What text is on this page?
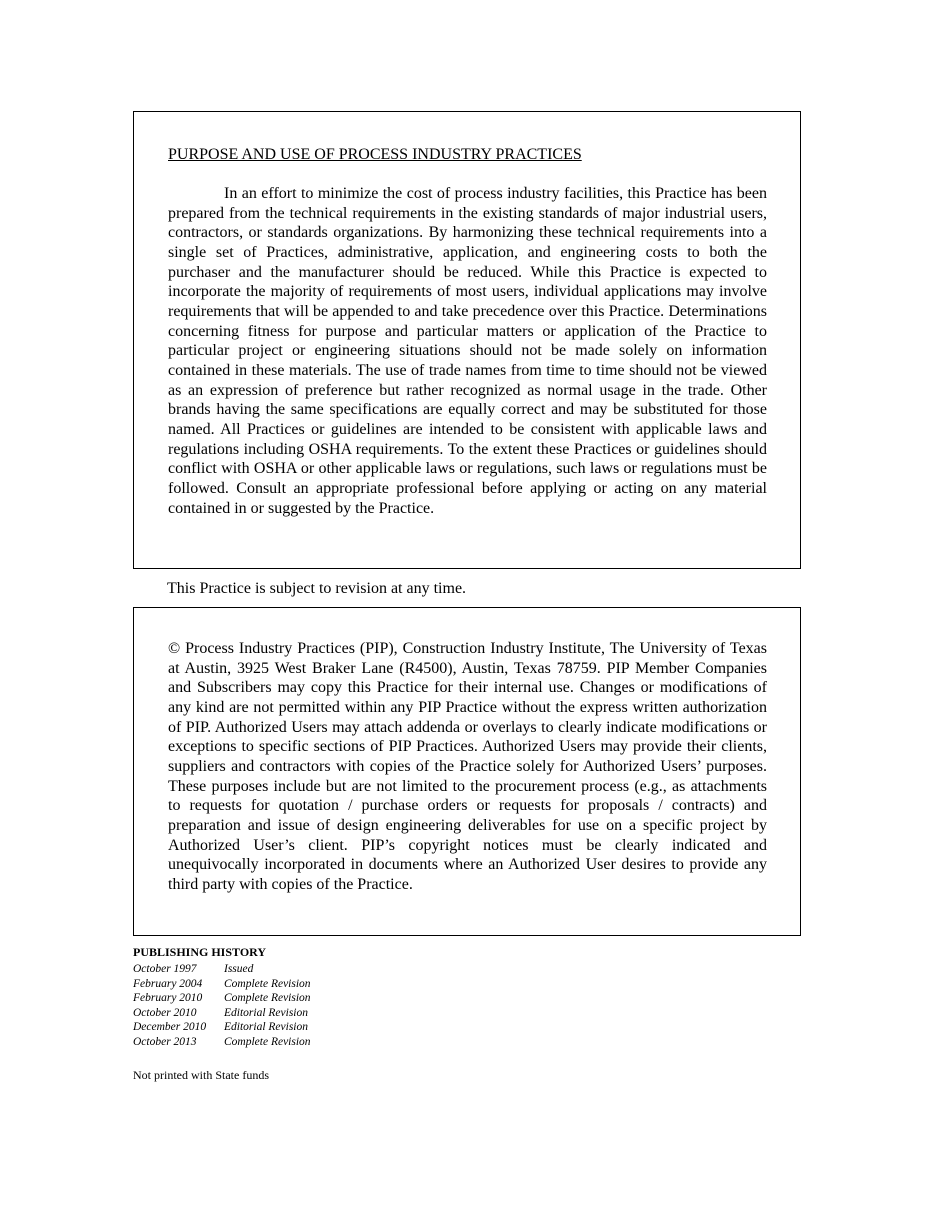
PURPOSE AND USE OF PROCESS INDUSTRY PRACTICES

In an effort to minimize the cost of process industry facilities, this Practice has been prepared from the technical requirements in the existing standards of major industrial users, contractors, or standards organizations. By harmonizing these technical requirements into a single set of Practices, administrative, application, and engineering costs to both the purchaser and the manufacturer should be reduced. While this Practice is expected to incorporate the majority of requirements of most users, individual applications may involve requirements that will be appended to and take precedence over this Practice. Determinations concerning fitness for purpose and particular matters or application of the Practice to particular project or engineering situations should not be made solely on information contained in these materials. The use of trade names from time to time should not be viewed as an expression of preference but rather recognized as normal usage in the trade. Other brands having the same specifications are equally correct and may be substituted for those named. All Practices or guidelines are intended to be consistent with applicable laws and regulations including OSHA requirements. To the extent these Practices or guidelines should conflict with OSHA or other applicable laws or regulations, such laws or regulations must be followed. Consult an appropriate professional before applying or acting on any material contained in or suggested by the Practice.

This Practice is subject to revision at any time.

© Process Industry Practices (PIP), Construction Industry Institute, The University of Texas at Austin, 3925 West Braker Lane (R4500), Austin, Texas 78759. PIP Member Companies and Subscribers may copy this Practice for their internal use. Changes or modifications of any kind are not permitted within any PIP Practice without the express written authorization of PIP. Authorized Users may attach addenda or overlays to clearly indicate modifications or exceptions to specific sections of PIP Practices. Authorized Users may provide their clients, suppliers and contractors with copies of the Practice solely for Authorized Users’ purposes. These purposes include but are not limited to the procurement process (e.g., as attachments to requests for quotation / purchase orders or requests for proposals / contracts) and preparation and issue of design engineering deliverables for use on a specific project by Authorized User’s client. PIP’s copyright notices must be clearly indicated and unequivocally incorporated in documents where an Authorized User desires to provide any third party with copies of the Practice.

PUBLISHING HISTORY
October 1997	Issued
February 2004	Complete Revision
February 2010	Complete Revision
October 2010	Editorial Revision
December 2010	Editorial Revision
October 2013	Complete Revision
Not printed with State funds
